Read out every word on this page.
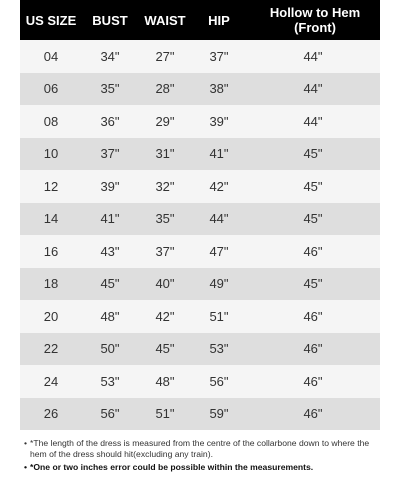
US SIZE	BUST	WAIST	HIP	Hollow to Hem
(Front)
04	34"	27"	37"	44"
06	35"	28"	38"	44"
08	36"	29"	39"	44"
10	37"	31"	41"	45"
12	39"	32"	42"	45"
14	41"	35"	44"	45"
16	43"	37"	47"	46"
18	45"	40"	49"	45"
20	48"	42"	51"	46"
22	50"	45"	53"	46"
24	53"	48"	56"	46"
26	56"	51"	59"	46"
• *The length of the dress is measured from the centre of the collarbone down to where the hem of the dress should hit(excluding any train).
• *One or two inches error could be possible within the measurements.
